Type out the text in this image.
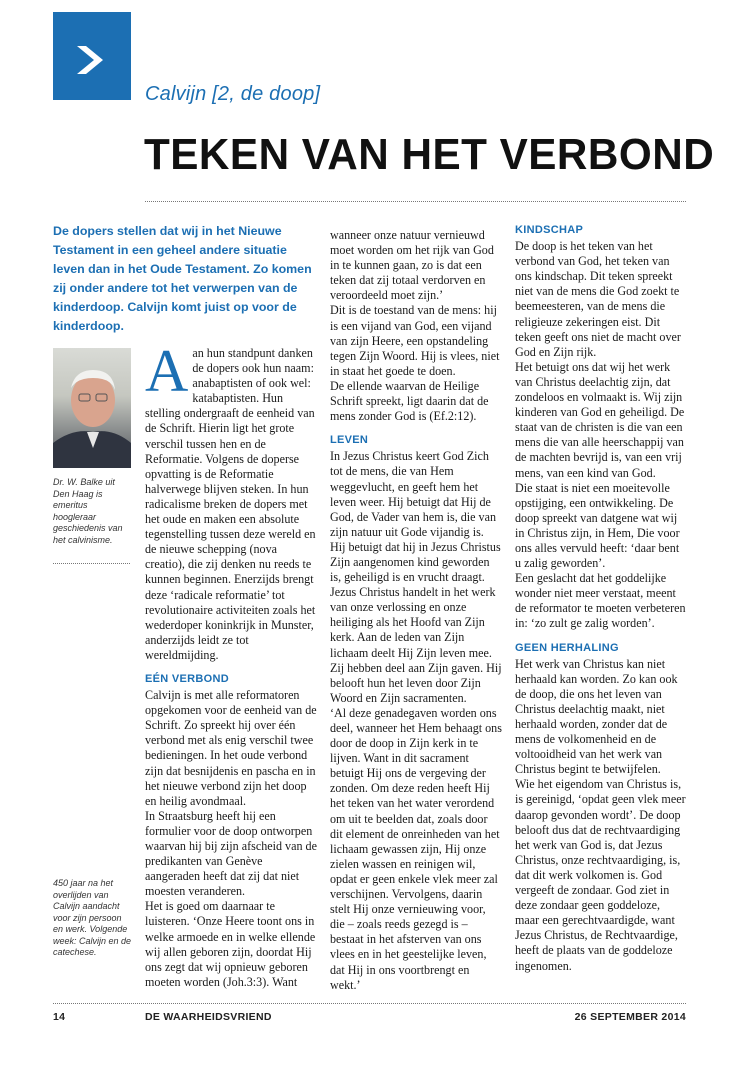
Calvijn [2, de doop]
TEKEN VAN HET VERBOND
De dopers stellen dat wij in het Nieuwe Testament in een geheel andere situatie leven dan in het Oude Testament. Zo komen zij onder andere tot het verwerpen van de kinderdoop. Calvijn komt juist op voor de kinderdoop.
Dr. W. Balke uit Den Haag is emeritus hoogleraar geschiedenis van het calvinisme.
450 jaar na het overlijden van Calvijn aandacht voor zijn persoon en werk. Volgende week: Calvijn en de catechese.

Aan hun standpunt danken de dopers ook hun naam: anabaptisten of ook wel: katabaptisten. Hun stelling ondergraaft de eenheid van de Schrift. Hierin ligt het grote verschil tussen hen en de Reformatie. Volgens de doperse opvatting is de Reformatie halverwege blijven steken. In hun radicalisme breken de dopers met het oude en maken een absolute tegenstelling tussen deze wereld en de nieuwe schepping (nova creatio), die zij denken nu reeds te kunnen beginnen. Enerzijds brengt deze ‘radicale reformatie’ tot revolutionaire activiteiten zoals het wederdoper koninkrijk in Munster, anderzijds leidt ze tot wereldmijding.

EÉN VERBOND

Calvijn is met alle reformatoren opgekomen voor de eenheid van de Schrift. Zo spreekt hij over één verbond met als enig verschil twee bedieningen. In het oude verbond zijn dat besnijdenis en pascha en in het nieuwe verbond zijn het doop en heilig avondmaal.

In Straatsburg heeft hij een formulier voor de doop ontworpen waarvan hij bij zijn afscheid van de predikanten van Genève aangeraden heeft dat zij dat niet moesten veranderen.

Het is goed om daarnaar te luisteren. ‘Onze Heere toont ons in welke armoede en in welke ellende wij allen geboren zijn, doordat Hij ons zegt dat wij opnieuw geboren moeten worden (Joh.3:3). Want

wanneer onze natuur vernieuwd moet worden om het rijk van God in te kunnen gaan, zo is dat een teken dat zij totaal verdorven en veroordeeld moet zijn.’

Dit is de toestand van de mens: hij is een vijand van God, een vijand van zijn Heere, een opstandeling tegen Zijn Woord. Hij is vlees, niet in staat het goede te doen.

De ellende waarvan de Heilige Schrift spreekt, ligt daarin dat de mens zonder God is (Ef.2:12).

LEVEN

In Jezus Christus keert God Zich tot de mens, die van Hem weggevlucht, en geeft hem het leven weer. Hij betuigt dat Hij de God, de Vader van hem is, die van zijn natuur uit Gode vijandig is. Hij betuigt dat hij in Jezus Christus Zijn aangenomen kind geworden is, geheiligd is en vrucht draagt. Jezus Christus handelt in het werk van onze verlossing en onze heiliging als het Hoofd van Zijn kerk. Aan de leden van Zijn lichaam deelt Hij Zijn leven mee. Zij hebben deel aan Zijn gaven. Hij belooft hun het leven door Zijn Woord en Zijn sacramenten.

‘Al deze genadegaven worden ons deel, wanneer het Hem behaagt ons door de doop in Zijn kerk in te lijven. Want in dit sacrament betuigt Hij ons de vergeving der zonden. Om deze reden heeft Hij het teken van het water verordend om uit te beelden dat, zoals door dit element de onreinheden van het lichaam gewassen zijn, Hij onze zielen wassen en reinigen wil, opdat er geen enkele vlek meer zal verschijnen. Vervolgens, daarin stelt Hij onze vernieuwing voor, die – zoals reeds gezegd is – bestaat in het afsterven van ons vlees en in het geestelijke leven, dat Hij in ons voortbrengt en wekt.’

KINDSCHAP

De doop is het teken van het verbond van God, het teken van ons kindschap. Dit teken spreekt niet van de mens die God zoekt te beemeesteren, van de mens die religieuze zekeringen eist. Dit teken geeft ons niet de macht over God en Zijn rijk.

Het betuigt ons dat wij het werk van Christus deelachtig zijn, dat zondeloos en volmaakt is. Wij zijn kinderen van God en geheiligd. De staat van de christen is die van een mens die van alle heerschappij van de machten bevrijd is, van een vrij mens, van een kind van God.

Die staat is niet een moeitevolle opstijging, een ontwikkeling. De doop spreekt van datgene wat wij in Christus zijn, in Hem, Die voor ons alles vervuld heeft: ‘daar bent u zalig geworden’.

Een geslacht dat het goddelijke wonder niet meer verstaat, meent de reformator te moeten verbeteren in: ‘zo zult ge zalig worden’.

GEEN HERHALING

Het werk van Christus kan niet herhaald kan worden. Zo kan ook de doop, die ons het leven van Christus deelachtig maakt, niet herhaald worden, zonder dat de mens de volkomenheid en de voltooidheid van het werk van Christus begint te betwijfelen.

Wie het eigendom van Christus is, is gereinigd, ‘opdat geen vlek meer daarop gevonden wordt’. De doop belooft dus dat de rechtvaardiging het werk van God is, dat Jezus Christus, onze rechtvaardiging, is, dat dit werk volkomen is. God vergeeft de zondaar. God ziet in deze zondaar geen goddeloze, maar een gerechtvaardigde, want Jezus Christus, de Rechtvaardige, heeft de plaats van de goddeloze ingenomen.

14	DE WAARHEIDSVRIEND	26 SEPTEMBER 2014
